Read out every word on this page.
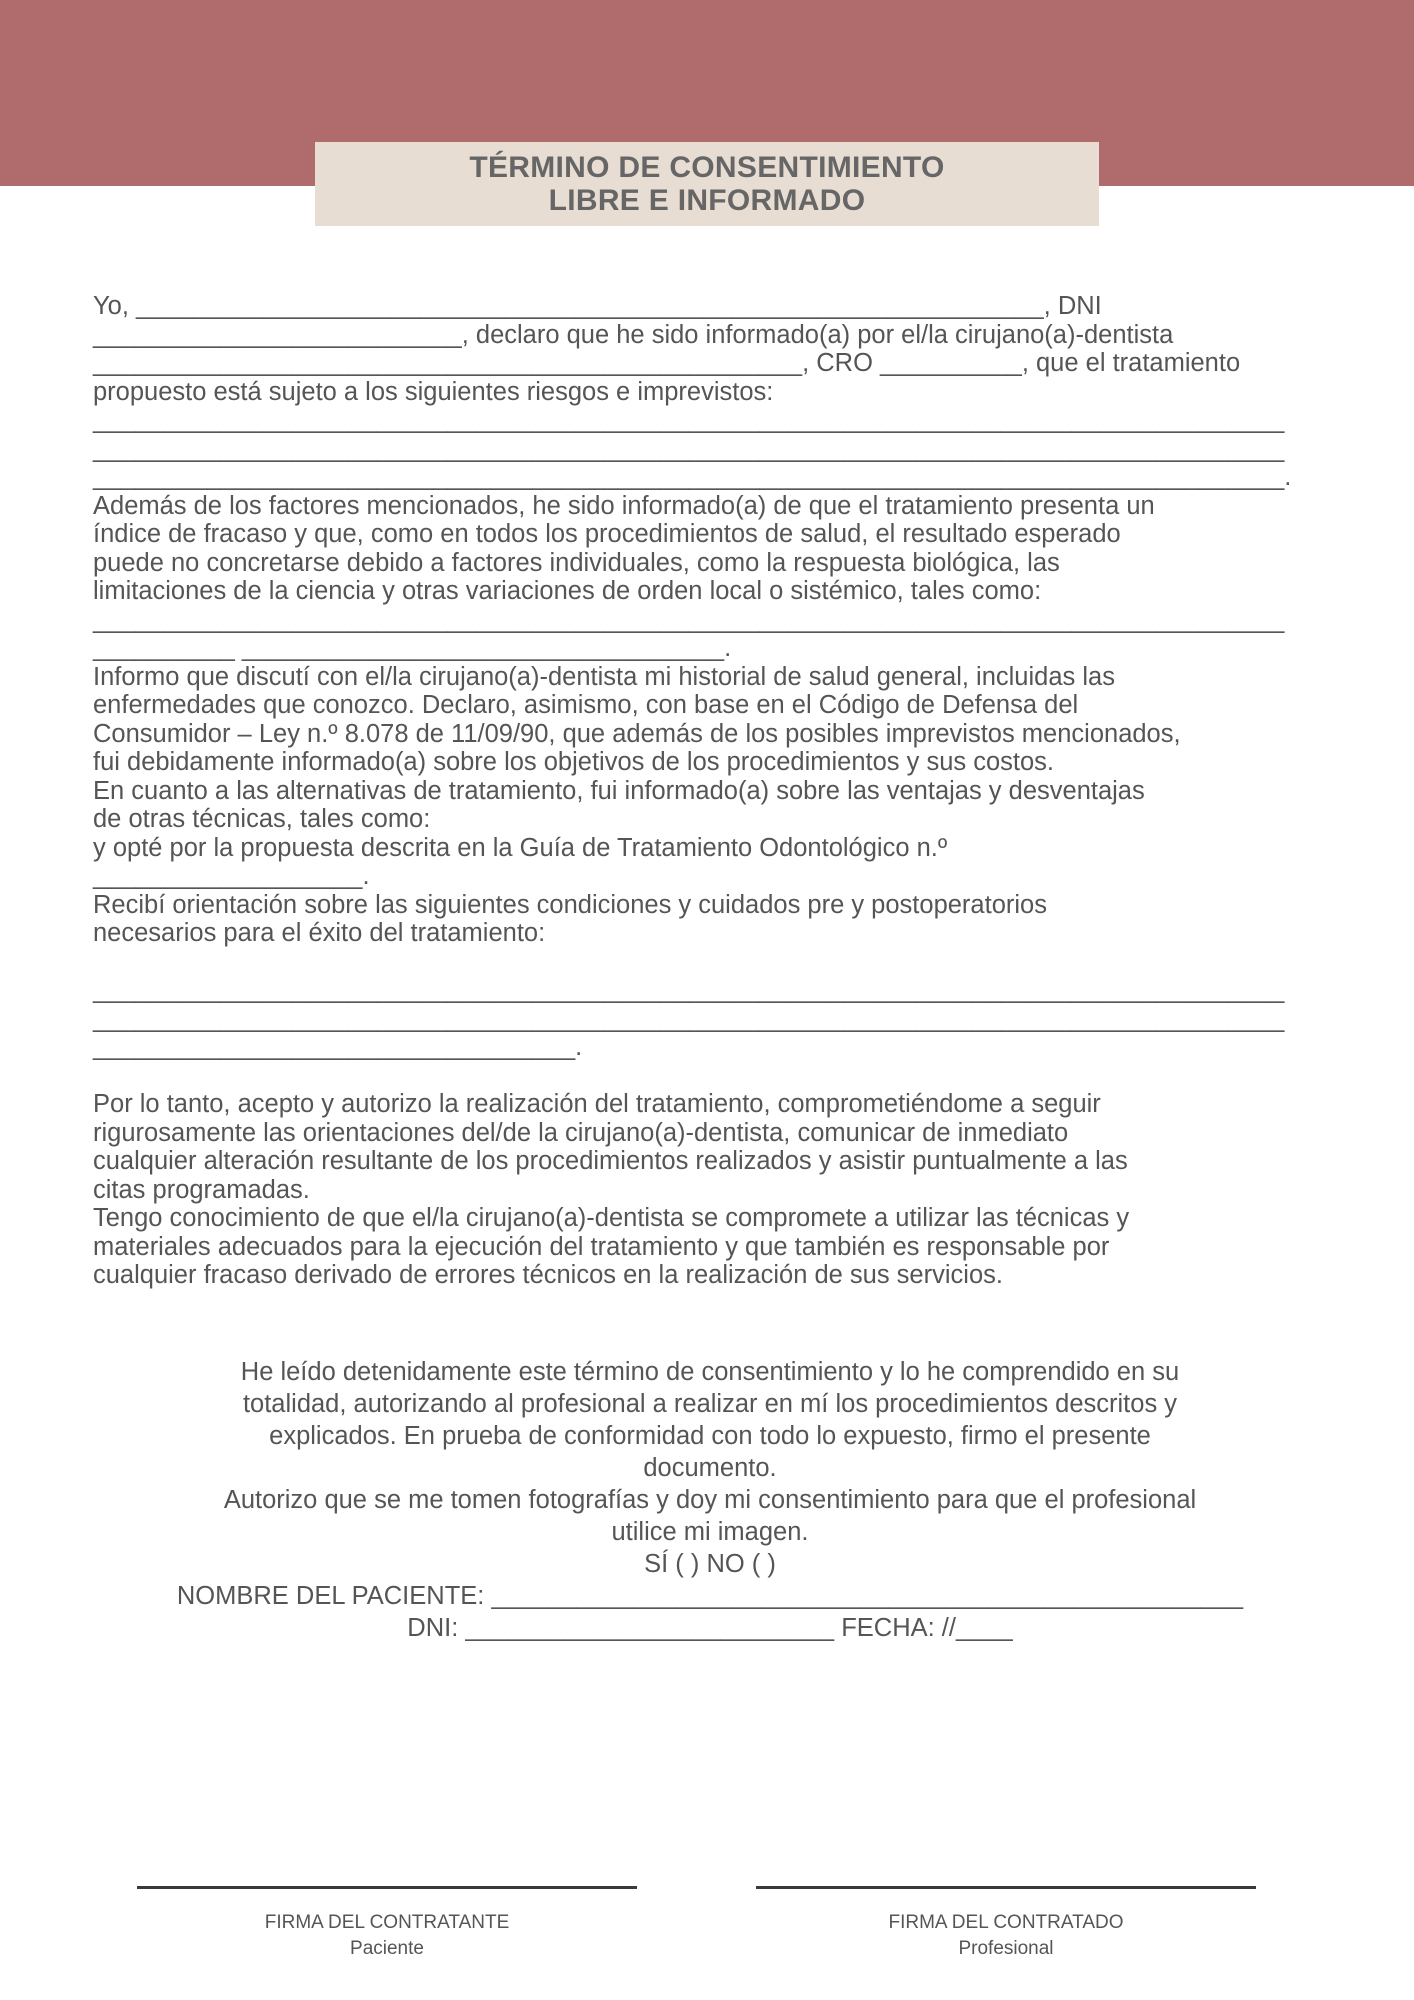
TÉRMINO DE CONSENTIMIENTO
LIBRE E INFORMADO
Yo, ________________________________________________________________, DNI
__________________________, declaro que he sido informado(a) por el/la cirujano(a)-dentista
__________________________________________________, CRO __________, que el tratamiento
propuesto está sujeto a los siguientes riesgos e imprevistos:
____________________________________________________________________________________
____________________________________________________________________________________
____________________________________________________________________________________.
Además de los factores mencionados, he sido informado(a) de que el tratamiento presenta un
índice de fracaso y que, como en todos los procedimientos de salud, el resultado esperado
puede no concretarse debido a factores individuales, como la respuesta biológica, las
limitaciones de la ciencia y otras variaciones de orden local o sistémico, tales como:
____________________________________________________________________________________
__________ __________________________________.
Informo que discutí con el/la cirujano(a)-dentista mi historial de salud general, incluidas las
enfermedades que conozco. Declaro, asimismo, con base en el Código de Defensa del
Consumidor – Ley n.º 8.078 de 11/09/90, que además de los posibles imprevistos mencionados,
fui debidamente informado(a) sobre los objetivos de los procedimientos y sus costos.
En cuanto a las alternativas de tratamiento, fui informado(a) sobre las ventajas y desventajas
de otras técnicas, tales como:
y opté por la propuesta descrita en la Guía de Tratamiento Odontológico n.º
___________________.
Recibí orientación sobre las siguientes condiciones y cuidados pre y postoperatorios
necesarios para el éxito del tratamiento:
____________________________________________________________________________________
____________________________________________________________________________________
__________________________________.
Por lo tanto, acepto y autorizo la realización del tratamiento, comprometiéndome a seguir
rigurosamente las orientaciones del/de la cirujano(a)-dentista, comunicar de inmediato
cualquier alteración resultante de los procedimientos realizados y asistir puntualmente a las
citas programadas.
Tengo conocimiento de que el/la cirujano(a)-dentista se compromete a utilizar las técnicas y
materiales adecuados para la ejecución del tratamiento y que también es responsable por
cualquier fracaso derivado de errores técnicos en la realización de sus servicios.
He leído detenidamente este término de consentimiento y lo he comprendido en su
totalidad, autorizando al profesional a realizar en mí los procedimientos descritos y
explicados. En prueba de conformidad con todo lo expuesto, firmo el presente
documento.
Autorizo que se me tomen fotografías y doy mi consentimiento para que el profesional
utilice mi imagen.
SÍ ( ) NO ( )
NOMBRE DEL PACIENTE: _____________________________________________________
DNI: __________________________ FECHA: //____
FIRMA DEL CONTRATANTE
Paciente
FIRMA DEL CONTRATADO
Profesional
